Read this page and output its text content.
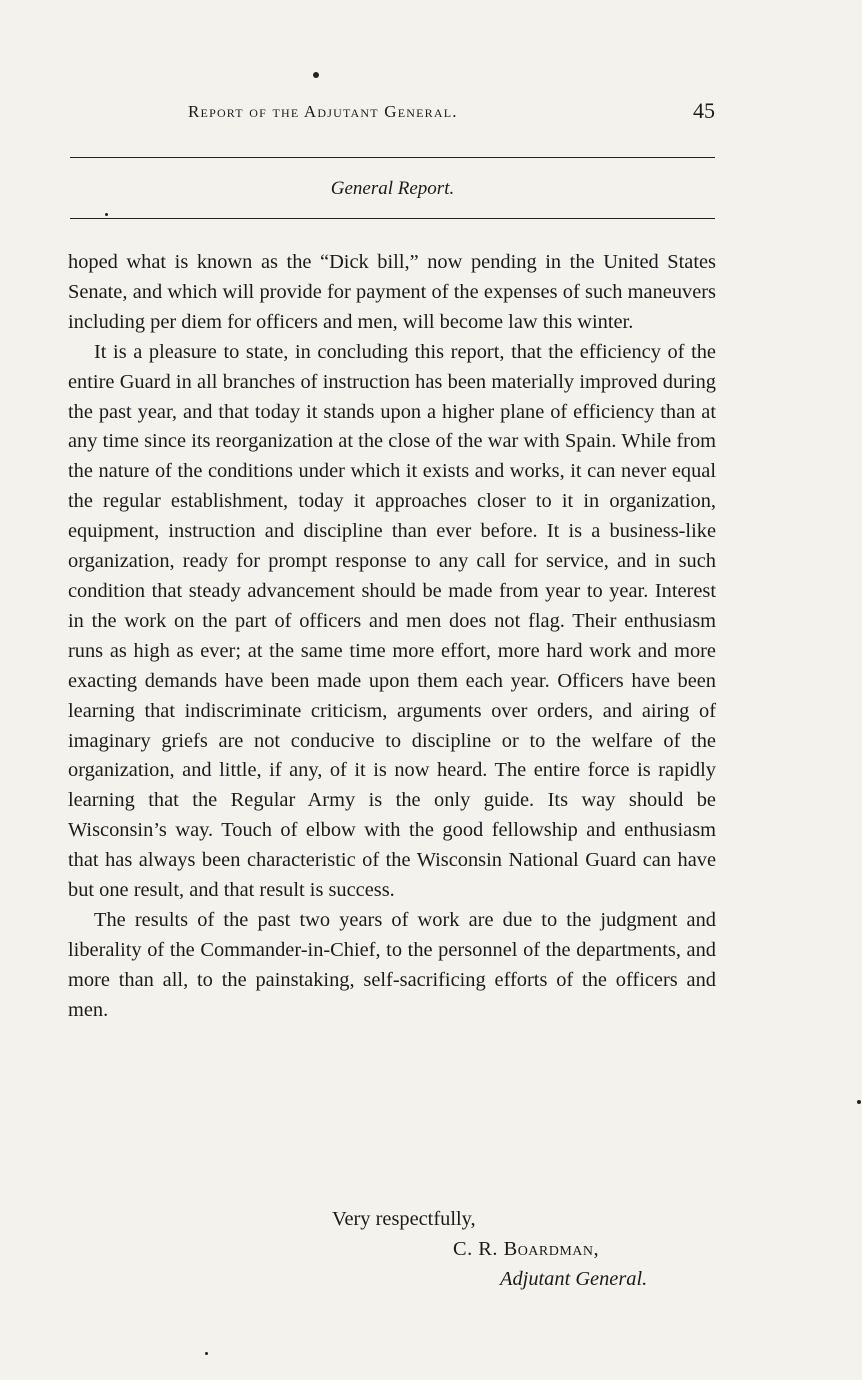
Report of the Adjutant General.	45
General Report.

hoped what is known as the “Dick bill,” now pending in the United States Senate, and which will provide for payment of the expenses of such maneuvers including per diem for officers and men, will become law this winter.

It is a pleasure to state, in concluding this report, that the efficiency of the entire Guard in all branches of instruction has been materially improved during the past year, and that today it stands upon a higher plane of efficiency than at any time since its reorganization at the close of the war with Spain. While from the nature of the conditions under which it exists and works, it can never equal the regular establishment, today it approaches closer to it in organization, equipment, instruction and discipline than ever before. It is a business-like organization, ready for prompt response to any call for service, and in such condition that steady advancement should be made from year to year. Interest in the work on the part of officers and men does not flag. Their enthusiasm runs as high as ever; at the same time more effort, more hard work and more exacting demands have been made upon them each year. Officers have been learning that indiscriminate criticism, arguments over orders, and airing of imaginary griefs are not conducive to discipline or to the welfare of the organization, and little, if any, of it is now heard. The entire force is rapidly learning that the Regular Army is the only guide. Its way should be Wisconsin’s way. Touch of elbow with the good fellowship and enthusiasm that has always been characteristic of the Wisconsin National Guard can have but one result, and that result is success.

The results of the past two years of work are due to the judgment and liberality of the Commander-in-Chief, to the personnel of the departments, and more than all, to the painstaking, self-sacrificing efforts of the officers and men.

Very respectfully,
C. R. Boardman,
Adjutant General.
